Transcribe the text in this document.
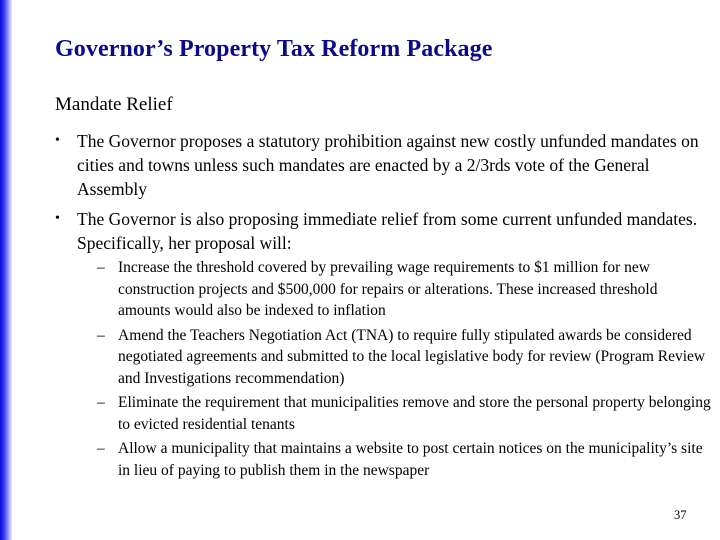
Governor’s Property Tax Reform Package
Mandate Relief
• The Governor proposes a statutory prohibition against new costly unfunded mandates on cities and towns unless such mandates are enacted by a 2/3rds vote of the General Assembly
• The Governor is also proposing immediate relief from some current unfunded mandates. Specifically, her proposal will:
– Increase the threshold covered by prevailing wage requirements to $1 million for new construction projects and $500,000 for repairs or alterations. These increased threshold amounts would also be indexed to inflation
– Amend the Teachers Negotiation Act (TNA) to require fully stipulated awards be considered negotiated agreements and submitted to the local legislative body for review (Program Review and Investigations recommendation)
– Eliminate the requirement that municipalities remove and store the personal property belonging to evicted residential tenants
– Allow a municipality that maintains a website to post certain notices on the municipality’s site in lieu of paying to publish them in the newspaper
37
